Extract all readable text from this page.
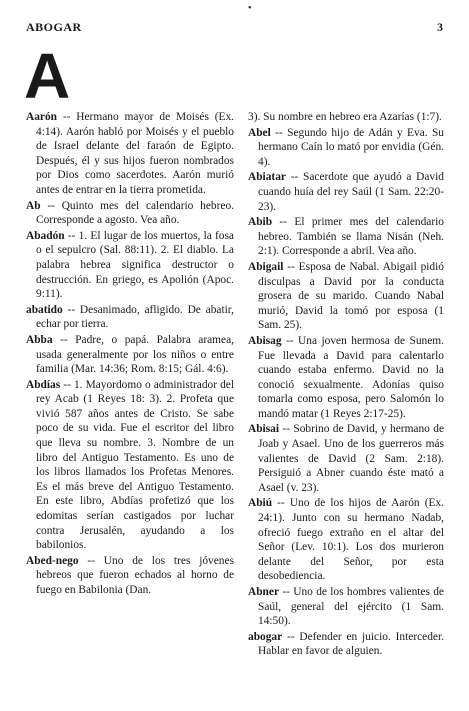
•
ABOGAR	3
A

Aarón -- Hermano mayor de Moisés (Ex. 4:14). Aarón habló por Moisés y el pueblo de Israel delante del faraón de Egipto. Después, él y sus hijos fueron nombrados por Dios como sacerdotes. Aarón murió antes de entrar en la tierra prometida.

Ab -- Quinto mes del calendario hebreo. Corresponde a agosto. Vea año.

Abadón -- 1. El lugar de los muertos, la fosa o el sepulcro (Sal. 88:11). 2. El diablo. La palabra hebrea significa destructor o destrucción. En griego, es Apolión (Apoc. 9:11).

abatido -- Desanimado, afligido. De abatir, echar por tierra.

Abba -- Padre, o papá. Palabra aramea, usada generalmente por los niños o entre familia (Mar. 14:36; Rom. 8:15; Gál. 4:6).

Abdías -- 1. Mayordomo o administrador del rey Acab (1 Reyes 18: 3). 2. Profeta que vivió 587 años antes de Cristo. Se sabe poco de su vida. Fue el escritor del libro que lleva su nombre. 3. Nombre de un libro del Antiguo Testamento. Es uno de los libros llamados los Profetas Menores. Es el más breve del Antiguo Testamento. En este libro, Abdías profetizó que los edomitas serían castigados por luchar contra Jerusalén, ayudando a los babilonios.

Abed-nego -- Uno de los tres jóvenes hebreos que fueron echados al horno de fuego en Babilonia (Dan.

3). Su nombre en hebreo era Azarías (1:7).

Abel -- Segundo hijo de Adán y Eva. Su hermano Caín lo mató por envidia (Gén. 4).

Abiatar -- Sacerdote que ayudó a David cuando huía del rey Saúl (1 Sam. 22:20-23).

Abib -- El primer mes del calendario hebreo. También se llama Nisán (Neh. 2:1). Corresponde a abril. Vea año.

Abigail -- Esposa de Nabal. Abigail pidió disculpas a David por la conducta grosera de su marido. Cuando Nabal murió, David la tomó por esposa (1 Sam. 25).

Abisag -- Una joven hermosa de Sunem. Fue llevada a David para calentarlo cuando estaba enfermo. David no la conoció sexualmente. Adonías quiso tomarla como esposa, pero Salomón lo mandó matar (1 Reyes 2:17-25).

Abisai -- Sobrino de David, y hermano de Joab y Asael. Uno de los guerreros más valientes de David (2 Sam. 2:18). Persiguió a Abner cuando éste mató a Asael (v. 23).

Abiú -- Uno de los hijos de Aarón (Ex. 24:1). Junto con su hermano Nadab, ofreció fuego extraño en el altar del Señor (Lev. 10:1). Los dos murieron delante del Señor, por esta desobediencia.

Abner -- Uno de los hombres valientes de Saúl, general del ejército (1 Sam. 14:50).

abogar -- Defender en juicio. Interceder. Hablar en favor de alguien.
